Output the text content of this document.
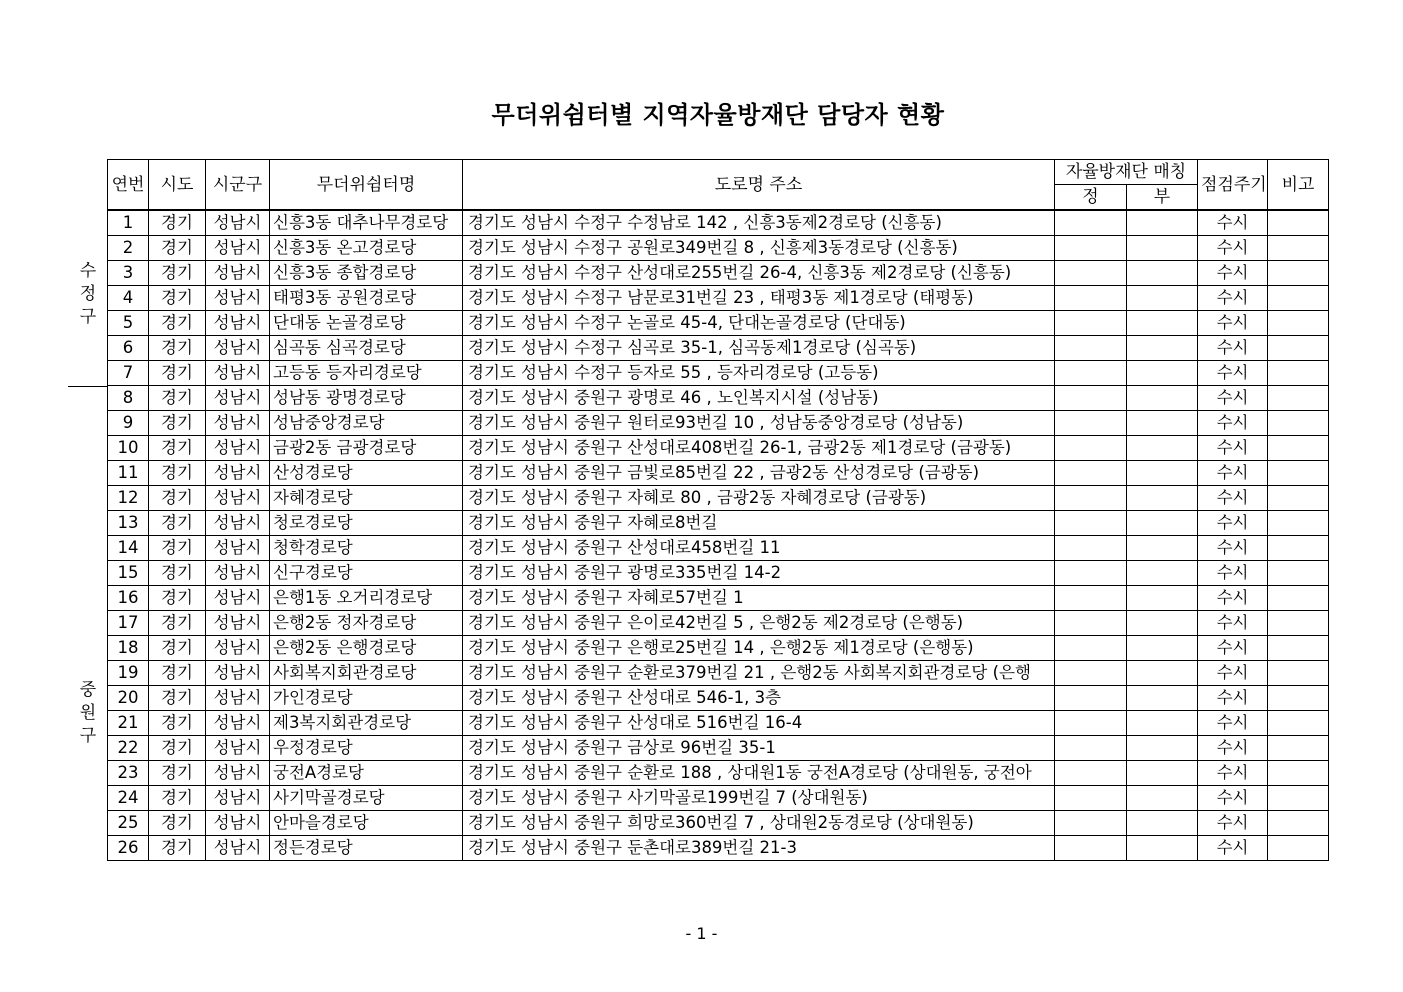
무더위쉼터별 지역자율방재단 담당자 현황
수
정
구
중
원
구
연번	시도	시군구	무더위쉼터명	도로명 주소	자율방재단 매칭		점검주기	비고
					정	부		
1	경기	성남시	신흥3동 대추나무경로당	경기도 성남시 수정구 수정남로 142 , 신흥3동제2경로당 (신흥동)			수시	
2	경기	성남시	신흥3동 온고경로당	경기도 성남시 수정구 공원로349번길 8 , 신흥제3동경로당 (신흥동)			수시	
3	경기	성남시	신흥3동 종합경로당	경기도 성남시 수정구 산성대로255번길 26-4, 신흥3동 제2경로당 (신흥동)			수시	
4	경기	성남시	태평3동 공원경로당	경기도 성남시 수정구 남문로31번길 23 , 태평3동 제1경로당 (태평동)			수시	
5	경기	성남시	단대동 논골경로당	경기도 성남시 수정구 논골로 45-4, 단대논골경로당 (단대동)			수시	
6	경기	성남시	심곡동 심곡경로당	경기도 성남시 수정구 심곡로 35-1, 심곡동제1경로당 (심곡동)			수시	
7	경기	성남시	고등동 등자리경로당	경기도 성남시 수정구 등자로 55 , 등자리경로당 (고등동)			수시	
8	경기	성남시	성남동 광명경로당	경기도 성남시 중원구 광명로 46 , 노인복지시설 (성남동)			수시	
9	경기	성남시	성남중앙경로당	경기도 성남시 중원구 원터로93번길 10 , 성남동중앙경로당 (성남동)			수시	
10	경기	성남시	금광2동 금광경로당	경기도 성남시 중원구 산성대로408번길 26-1, 금광2동 제1경로당 (금광동)			수시	
11	경기	성남시	산성경로당	경기도 성남시 중원구 금빛로85번길 22 , 금광2동 산성경로당 (금광동)			수시	
12	경기	성남시	자혜경로당	경기도 성남시 중원구 자혜로 80 , 금광2동 자혜경로당 (금광동)			수시	
13	경기	성남시	청로경로당	경기도 성남시 중원구 자혜로8번길			수시	
14	경기	성남시	청학경로당	경기도 성남시 중원구 산성대로458번길 11			수시	
15	경기	성남시	신구경로당	경기도 성남시 중원구 광명로335번길 14-2			수시	
16	경기	성남시	은행1동 오거리경로당	경기도 성남시 중원구 자혜로57번길 1			수시	
17	경기	성남시	은행2동 정자경로당	경기도 성남시 중원구 은이로42번길 5 , 은행2동 제2경로당 (은행동)			수시	
18	경기	성남시	은행2동 은행경로당	경기도 성남시 중원구 은행로25번길 14 , 은행2동 제1경로당 (은행동)			수시	
19	경기	성남시	사회복지회관경로당	경기도 성남시 중원구 순환로379번길 21 , 은행2동 사회복지회관경로당 (은행			수시	
20	경기	성남시	가인경로당	경기도 성남시 중원구 산성대로 546-1, 3층			수시	
21	경기	성남시	제3복지회관경로당	경기도 성남시 중원구 산성대로 516번길 16-4			수시	
22	경기	성남시	우정경로당	경기도 성남시 중원구 금상로 96번길 35-1			수시	
23	경기	성남시	궁전A경로당	경기도 성남시 중원구 순환로 188 , 상대원1동 궁전A경로당 (상대원동, 궁전아			수시	
24	경기	성남시	사기막골경로당	경기도 성남시 중원구 사기막골로199번길 7 (상대원동)			수시	
25	경기	성남시	안마을경로당	경기도 성남시 중원구 희망로360번길 7 , 상대원2동경로당 (상대원동)			수시	
26	경기	성남시	정든경로당	경기도 성남시 중원구 둔촌대로389번길 21-3			수시	
- 1 -
